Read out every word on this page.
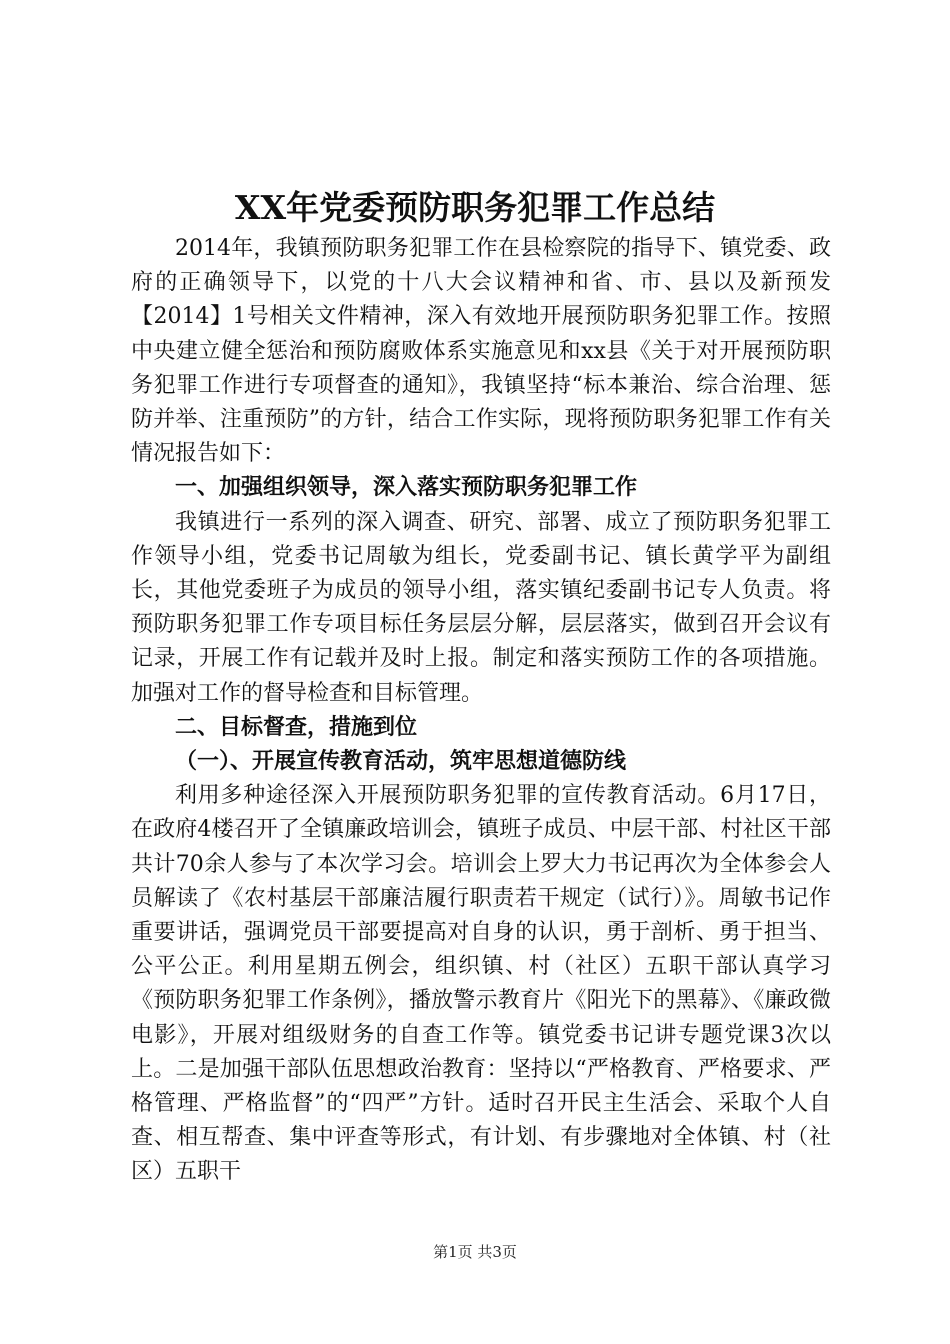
XX年党委预防职务犯罪工作总结

2014年，我镇预防职务犯罪工作在县检察院的指导下、镇党委、政府的正确领导下，以党的十八大会议精神和省、市、县以及新预发【2014】1号相关文件精神，深入有效地开展预防职务犯罪工作。按照中央建立健全惩治和预防腐败体系实施意见和xx县《关于对开展预防职务犯罪工作进行专项督查的通知》，我镇坚持“标本兼治、综合治理、惩防并举、注重预防”的方针，结合工作实际，现将预防职务犯罪工作有关情况报告如下：

一、加强组织领导，深入落实预防职务犯罪工作

我镇进行一系列的深入调查、研究、部署、成立了预防职务犯罪工作领导小组，党委书记周敏为组长，党委副书记、镇长黄学平为副组长，其他党委班子为成员的领导小组，落实镇纪委副书记专人负责。将预防职务犯罪工作专项目标任务层层分解，层层落实，做到召开会议有记录，开展工作有记载并及时上报。制定和落实预防工作的各项措施。加强对工作的督导检查和目标管理。

二、目标督查，措施到位
（一）、开展宣传教育活动，筑牢思想道德防线

利用多种途径深入开展预防职务犯罪的宣传教育活动。6月17日，在政府4楼召开了全镇廉政培训会，镇班子成员、中层干部、村社区干部共计70余人参与了本次学习会。培训会上罗大力书记再次为全体参会人员解读了《农村基层干部廉洁履行职责若干规定（试行）》。周敏书记作重要讲话，强调党员干部要提高对自身的认识，勇于剖析、勇于担当、公平公正。利用星期五例会，组织镇、村（社区）五职干部认真学习《预防职务犯罪工作条例》，播放警示教育片《阳光下的黑幕》、《廉政微电影》，开展对组级财务的自查工作等。镇党委书记讲专题党课3次以上。二是加强干部队伍思想政治教育：坚持以“严格教育、严格要求、严格管理、严格监督”的“四严”方针。适时召开民主生活会、采取个人自查、相互帮查、集中评查等形式，有计划、有步骤地对全体镇、村（社区）五职干

第1页 共3页
